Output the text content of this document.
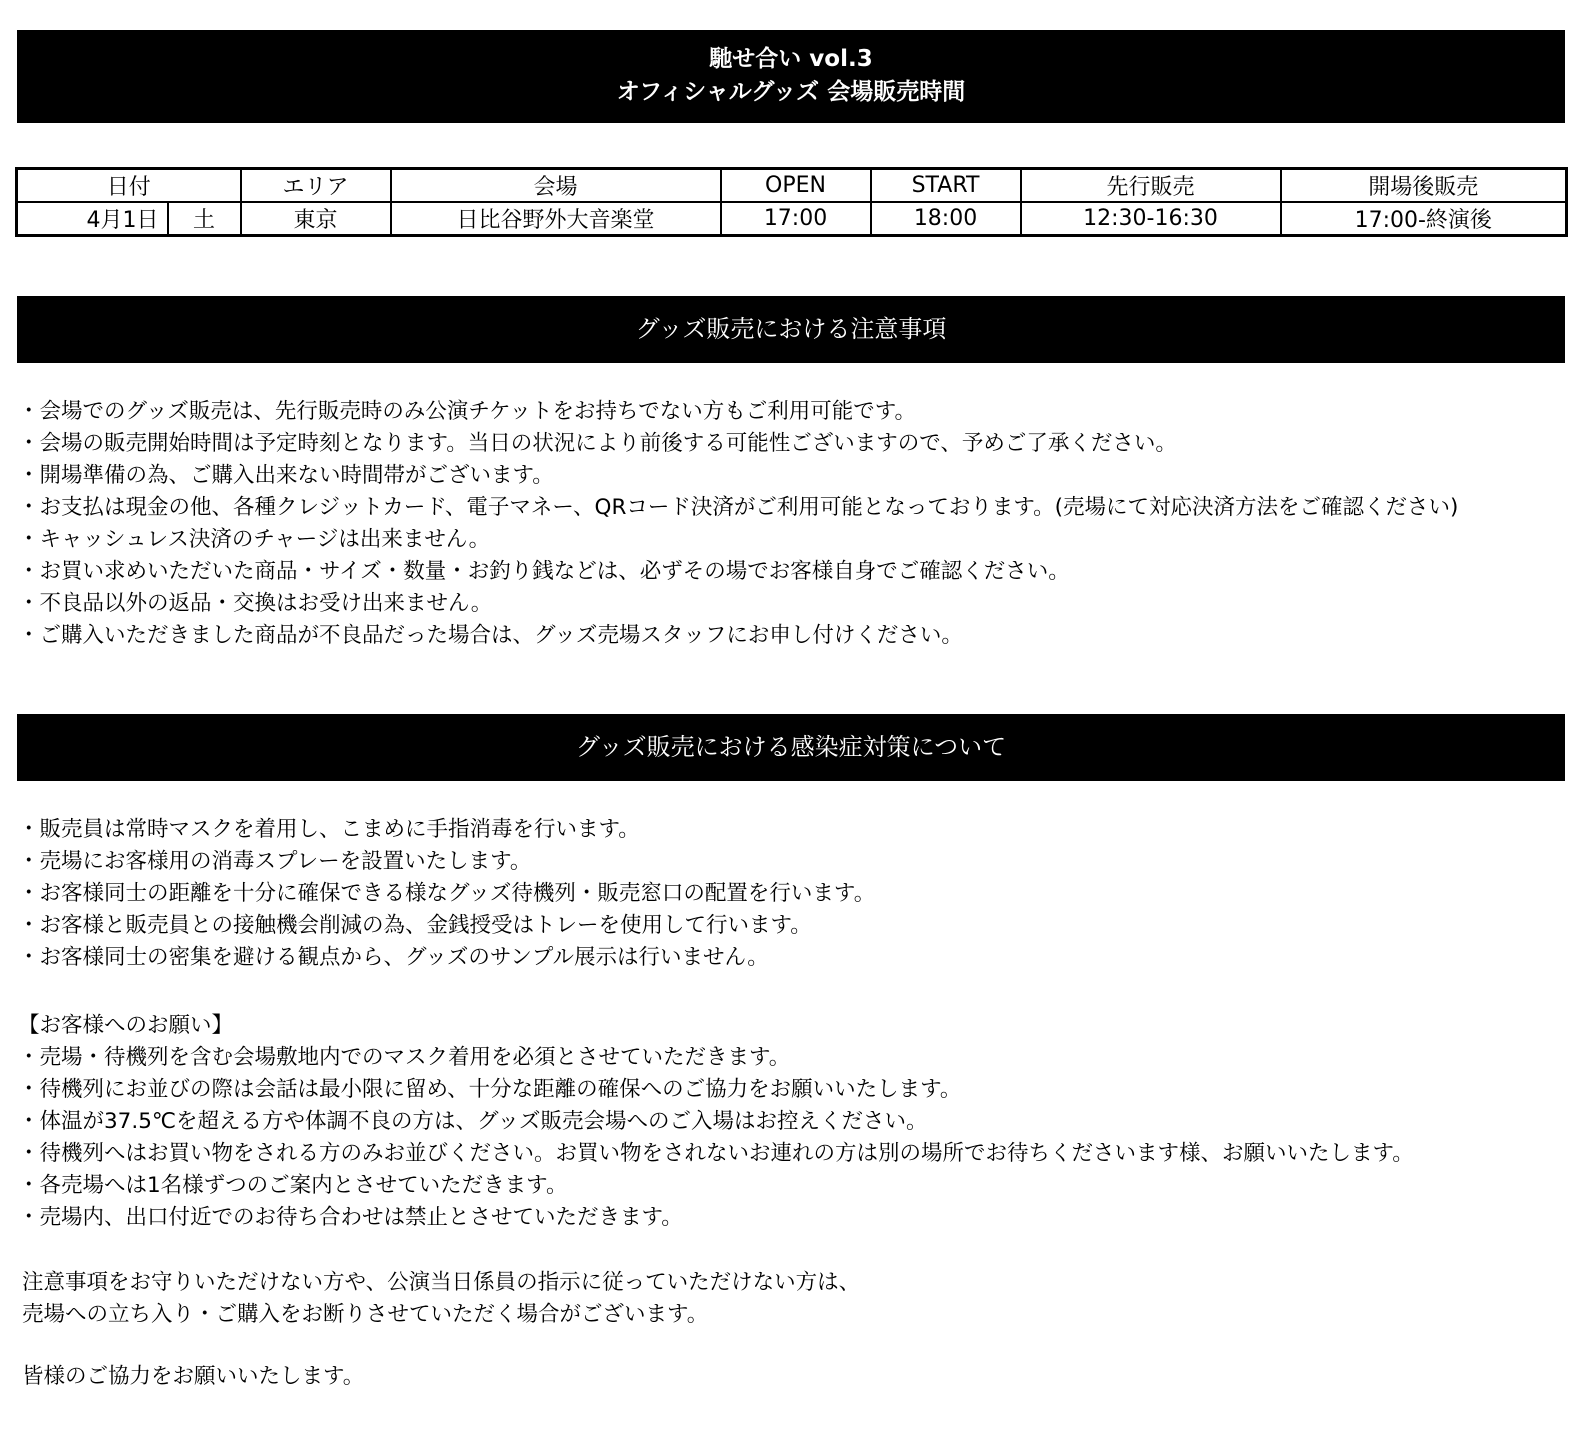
馳せ合い vol.3
オフィシャルグッズ 会場販売時間
日付		エリア	会場	OPEN	START	先行販売	開場後販売
4月1日	土	東京	日比谷野外大音楽堂	17:00	18:00	12:30-16:30	17:00-終演後
グッズ販売における注意事項
・会場でのグッズ販売は、先行販売時のみ公演チケットをお持ちでない方もご利用可能です。
・会場の販売開始時間は予定時刻となります。当日の状況により前後する可能性ございますので、予めご了承ください。
・開場準備の為、ご購入出来ない時間帯がございます。
・お支払は現金の他、各種クレジットカード、電子マネー、QRコード決済がご利用可能となっております。(売場にて対応決済方法をご確認ください)
・キャッシュレス決済のチャージは出来ません。
・お買い求めいただいた商品・サイズ・数量・お釣り銭などは、必ずその場でお客様自身でご確認ください。
・不良品以外の返品・交換はお受け出来ません。
・ご購入いただきました商品が不良品だった場合は、グッズ売場スタッフにお申し付けください。
グッズ販売における感染症対策について
・販売員は常時マスクを着用し、こまめに手指消毒を行います。
・売場にお客様用の消毒スプレーを設置いたします。
・お客様同士の距離を十分に確保できる様なグッズ待機列・販売窓口の配置を行います。
・お客様と販売員との接触機会削減の為、金銭授受はトレーを使用して行います。
・お客様同士の密集を避ける観点から、グッズのサンプル展示は行いません。
【お客様へのお願い】
・売場・待機列を含む会場敷地内でのマスク着用を必須とさせていただきます。
・待機列にお並びの際は会話は最小限に留め、十分な距離の確保へのご協力をお願いいたします。
・体温が37.5℃を超える方や体調不良の方は、グッズ販売会場へのご入場はお控えください。
・待機列へはお買い物をされる方のみお並びください。お買い物をされないお連れの方は別の場所でお待ちくださいます様、お願いいたします。
・各売場へは1名様ずつのご案内とさせていただきます。
・売場内、出口付近でのお待ち合わせは禁止とさせていただきます。
注意事項をお守りいただけない方や、公演当日係員の指示に従っていただけない方は、
売場への立ち入り・ご購入をお断りさせていただく場合がございます。
皆様のご協力をお願いいたします。
